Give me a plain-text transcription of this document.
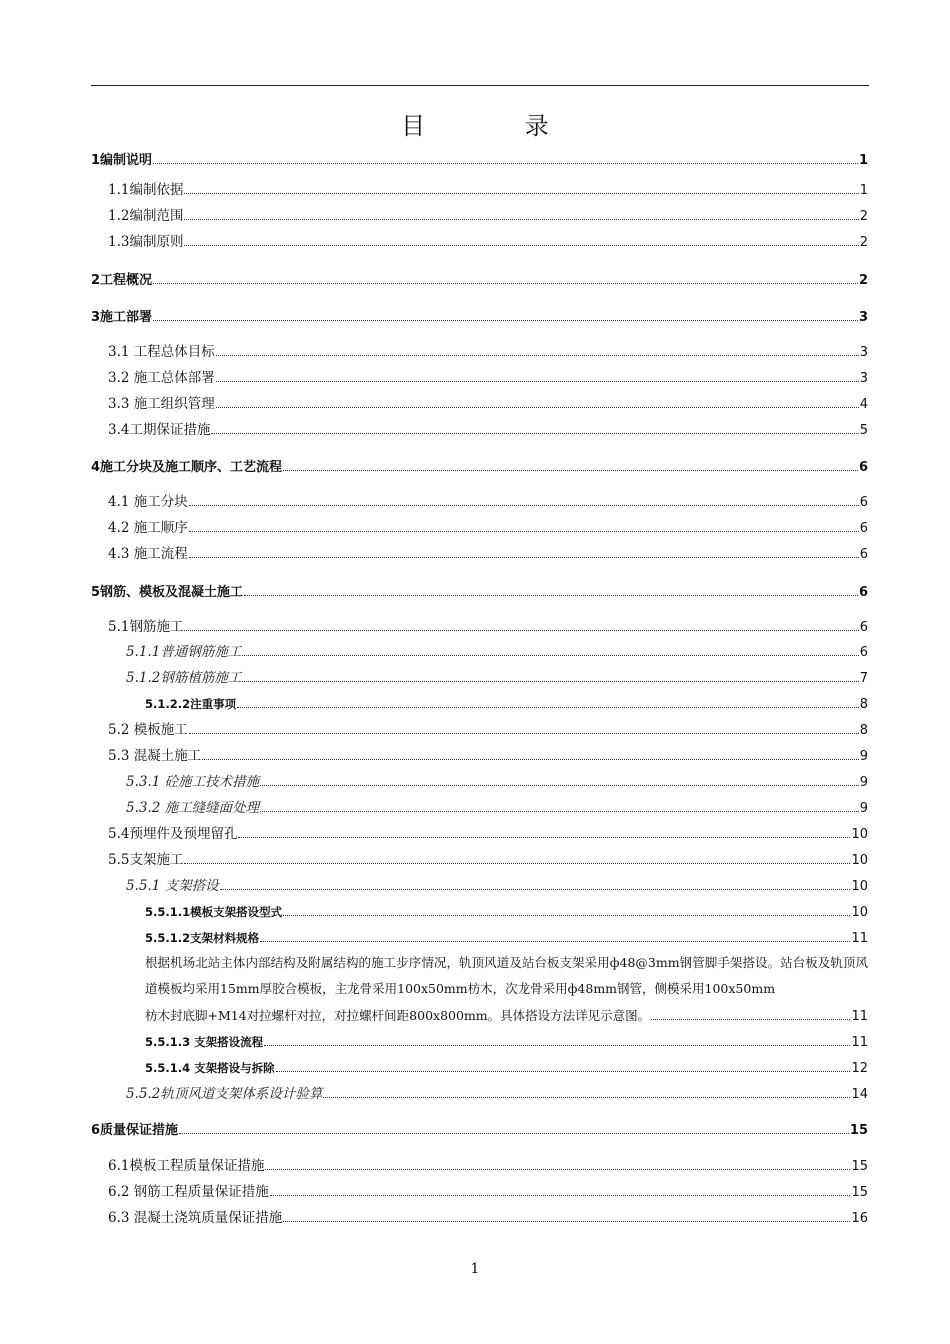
目 录
1编制说明	1
1.1编制依据	1
1.2编制范围	2
1.3编制原则	2
2工程概况	2
3施工部署	3
3.1 工程总体目标	3
3.2 施工总体部署	3
3.3 施工组织管理	4
3.4工期保证措施	5
4施工分块及施工顺序、工艺流程	6
4.1 施工分块	6
4.2 施工顺序	6
4.3 施工流程	6
5钢筋、模板及混凝土施工	6
5.1钢筋施工	6
5.1.1普通钢筋施工	6
5.1.2钢筋植筋施工	7
5.1.2.2注重事项	8
5.2 模板施工	8
5.3 混凝土施工	9
5.3.1 砼施工技术措施	9
5.3.2 施工缝缝面处理	9
5.4预埋件及预埋留孔	10
5.5支架施工	10
5.5.1 支架搭设	10
5.5.1.1模板支架搭设型式	10
5.5.1.2支架材料规格	11
5.5.1.3 支架搭设流程	11
5.5.1.4 支架搭设与拆除	12
5.5.2轨顶风道支架体系设计验算	14
6质量保证措施	15
6.1模板工程质量保证措施	15
6.2 钢筋工程质量保证措施	15
6.3 混凝土浇筑质量保证措施	16
根据机场北站主体内部结构及附属结构的施工步序情况，轨顶风道及站台板支架采用ф48@3mm钢管脚手架搭设。站台板及轨顶风道模板均采用15mm厚胶合模板，主龙骨采用100x50mm枋木，次龙骨采用ф48mm钢管，侧模采用100x50mm
枋木封底脚+M14对拉螺杆对拉，对拉螺杆间距800x800mm。具体搭设方法详见示意图。	11
1
